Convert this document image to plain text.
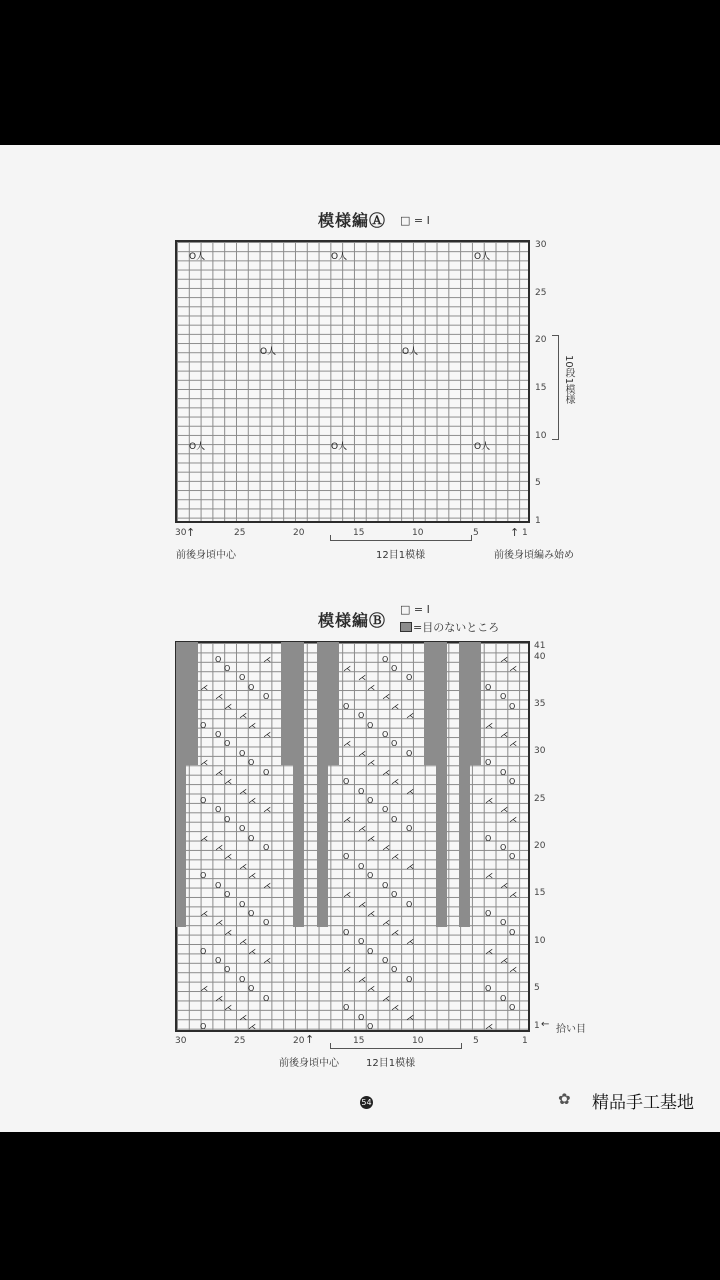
模様編Ⓐ □ = Ⅰ
O人	O人	O人
O人	O人
O人	O人	O人
30
25
20
15
10
5
1
10段1模様
30	25	20	15	10	5	1
↑	↑
前後身頃中心	12目1模様	前後身頃編み始め
模様編Ⓑ
□ = Ⅰ
=目のないところ
O	⋌	O	⋌
⋌	O	⋌
⋌	O	⋌	O
⋌	O	⋌	O
⋌	O	⋌	O
O	⋌	O
O	⋌	O	⋌
O	⋌	O	⋌
O	⋌	O	⋌
⋌	O	⋌
⋌	O	⋌	O
⋌	O	⋌	O
⋌	O	⋌	O
O	⋌	O
O	⋌	O	⋌
O	⋌	O	⋌
O	⋌	O	⋌
⋌	O	⋌
⋌	O	⋌	O
⋌	O	⋌	O
⋌	O	⋌	O
O	⋌	O
O	⋌	O	⋌
O	⋌	O	⋌
O	⋌	O	⋌
⋌	O	⋌
⋌	O	⋌	O
⋌	O	⋌	O
⋌	O	⋌	O
O	⋌	O
O	⋌	O	⋌
O	⋌	O	⋌
O	⋌	O	⋌
⋌	O	⋌
⋌	O	⋌	O
⋌	O	⋌	O
⋌	O	⋌	O
O	⋌	O
O	⋌	O	⋌
O	⋌	O	⋌
41
40
35
30
25
20
15
10
5
1 ← 拾い目
30	25	20	15	10	5	1
↑
前後身頃中心	12目1模様
54	✿ 精品手工基地
